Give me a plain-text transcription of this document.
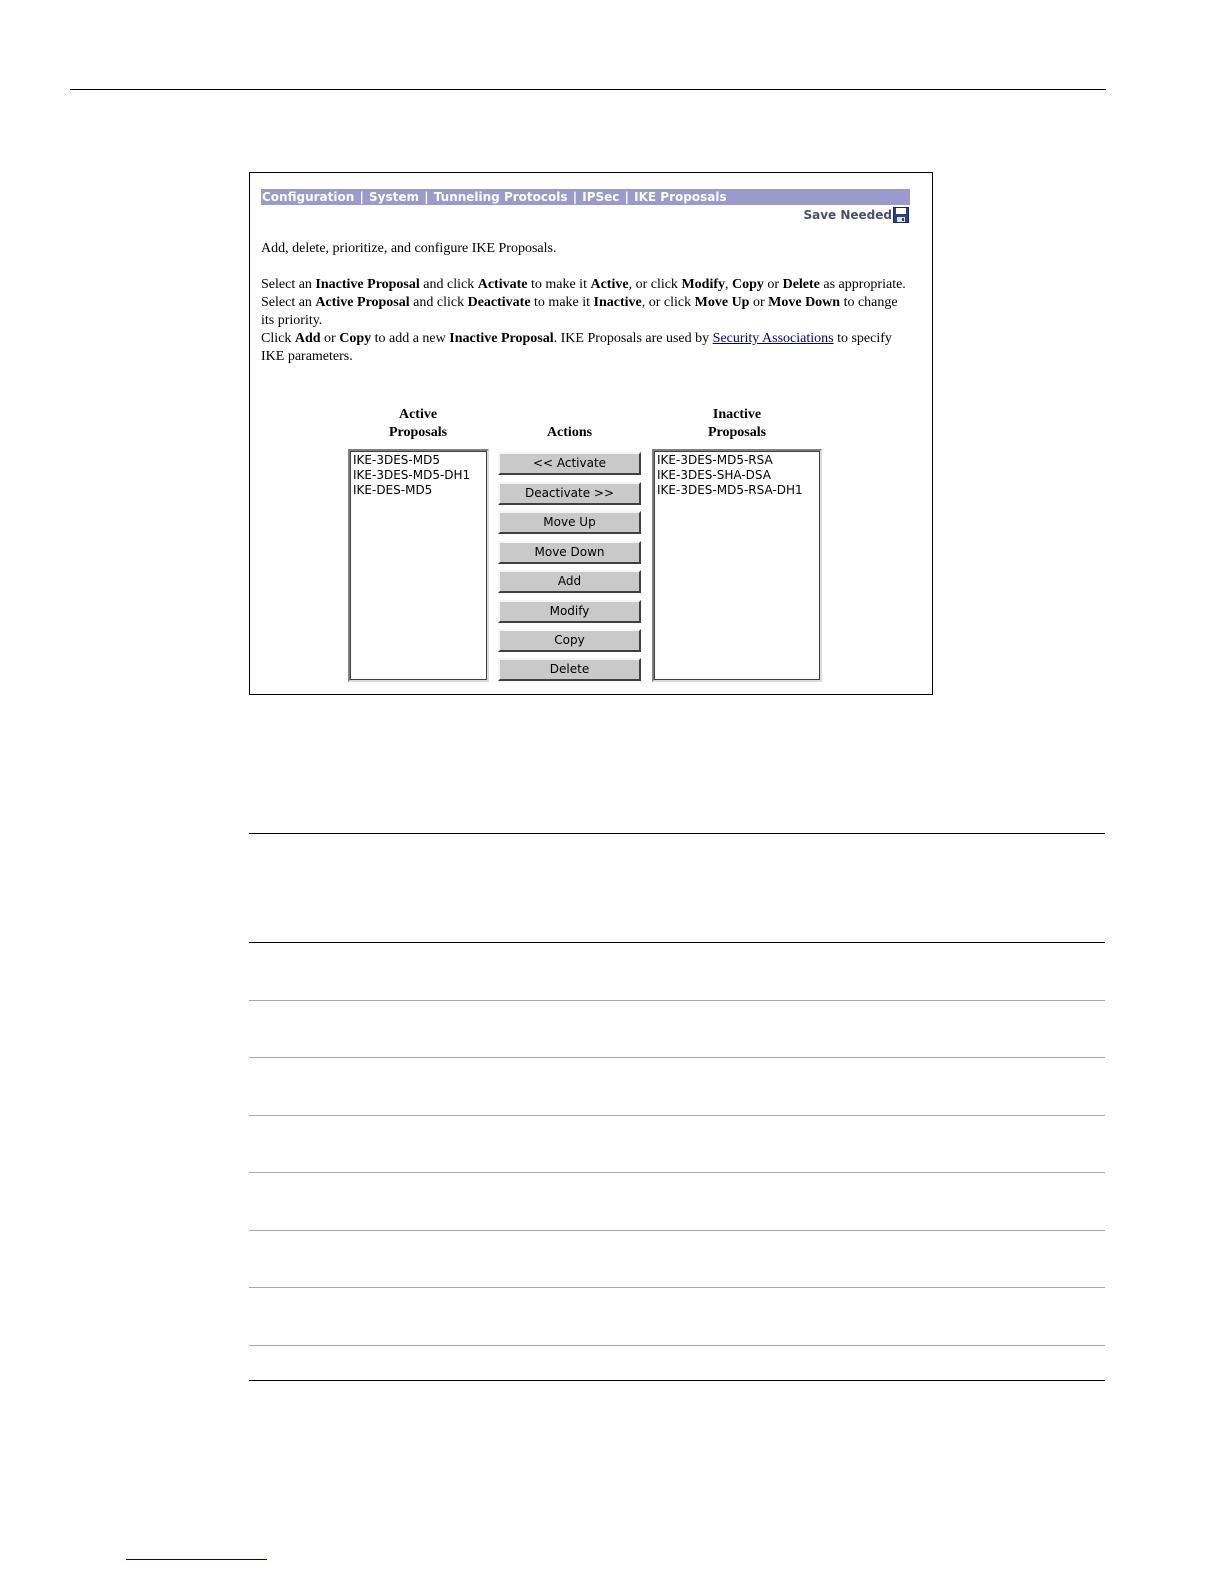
Configuration | System | Tunneling Protocols | IPSec | IKE Proposals
Save Needed
Add, delete, prioritize, and configure IKE Proposals.

Select an Inactive Proposal and click Activate to make it Active, or click Modify, Copy or Delete as appropriate.

Select an Active Proposal and click Deactivate to make it Inactive, or click Move Up or Move Down to change its priority.

Click Add or Copy to add a new Inactive Proposal. IKE Proposals are used by Security Associations to specify IKE parameters.

Active
Proposals	Actions
Inactive
Proposals
IKE-3DES-MD5
IKE-3DES-MD5-DH1
IKE-DES-MD5
<< Activate
Deactivate >>
Move Up
Move Down
Add
Modify
Copy
Delete
IKE-3DES-MD5-RSA
IKE-3DES-SHA-DSA
IKE-3DES-MD5-RSA-DH1
